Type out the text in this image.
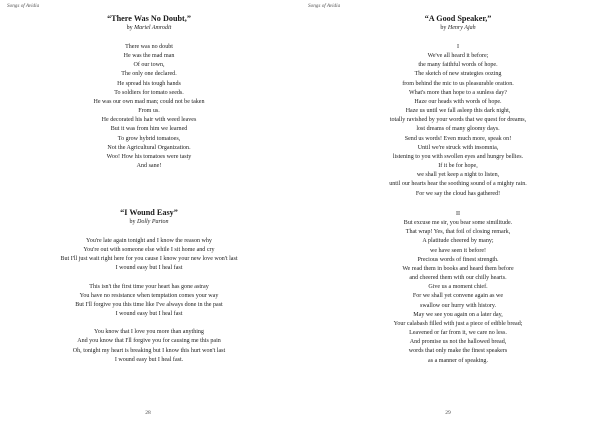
Songs of Avidia
“There Was No Doubt,”
by Mariel Amrodit
There was no doubt
He was the mad man
Of our town,
The only one declared.
He spread his tough hands
To soldiers for tomato seeds.
He was our own mad man; could not be taken
From us.
He decorated his hair with weed leaves
But it was from him we learned
To grow hybrid tomatoes,
Not the Agricultural Organization.
Woo! How his tomatoes were tasty
And sane!
“I Wound Easy”
by Dolly Parton
You're late again tonight and I know the reason why
You're out with someone else while I sit home and cry
But I'll just wait right here for you cause I know your new love won't last
I wound easy but I heal fast
This isn't the first time your heart has gone astray
You have no resistance when temptation comes your way
But I'll forgive you this time like I've always done in the past
I wound easy but I heal fast
You know that I love you more than anything
And you know that I'll forgive you for causing me this pain
Oh, tonight my heart is breaking but I know this hurt won't last
I wound easy but I heal fast.
28
Songs of Avidia
“A Good Speaker,”
by Henry Ajah
I
We've all heard it before;
the many faithful words of hope.
The sketch of new strategies oozing
from behind the mic to us pleasurable oration.
What's more than hope to a sunless day?
Haze our heads with words of hope.
Haze us until we fall asleep this dark night,
totally ravished by your words that we quest for dreams,
lost dreams of many gloomy days.
Send us words! Even much more, speak on!
Until we're struck with insomnia,
listening to you with swollen eyes and hungry bellies.
If it be for hope,
we shall yet keep a night to listen,
until our hearts hear the soothing sound of a mighty rain.
For we say the cloud has gathered!
II
But excuse me sir, you bear some similitude.
That wrap! Yes, that foil of closing remark,
A platitude cheered by many;
we have seen it before!
Precious words of finest strength.
We read them in books and heard them before
and cheered them with our chilly hearts.
Give us a moment chief.
For we shall yet convene again as we
swallow our hurry with history.
May we see you again on a later day,
Your calabash filled with just a piece of edible bread;
Leavened or far from it, we care no less.
And promise us not the hallowed bread,
words that only make the finest speakers
as a manner of speaking.
29
